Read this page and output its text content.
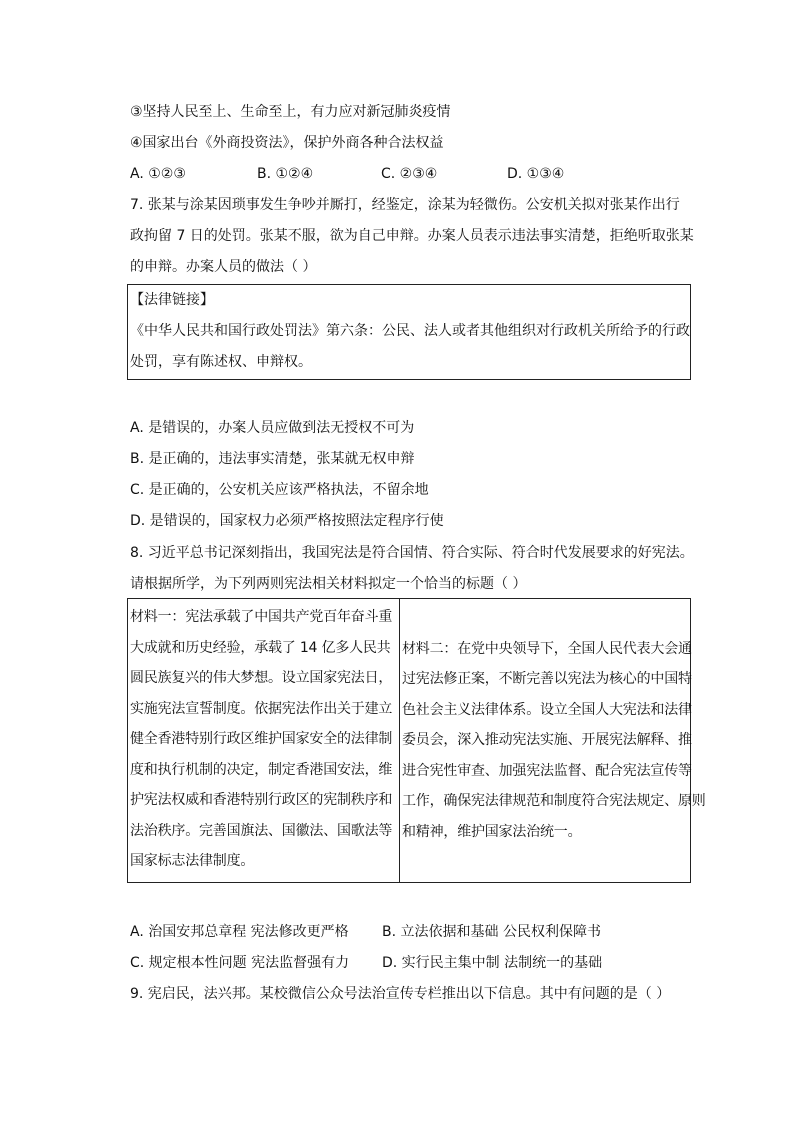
③坚持人民至上、生命至上，有力应对新冠肺炎疫情
④国家出台《外商投资法》，保护外商各种合法权益
A. ①②③	B. ①②④	C. ②③④	D. ①③④
7. 张某与涂某因琐事发生争吵并厮打，经鉴定，涂某为轻微伤。公安机关拟对张某作出行
政拘留 7 日的处罚。张某不服，欲为自己申辩。办案人员表示违法事实清楚，拒绝听取张某
的申辩。办案人员的做法（ ）
【法律链接】
《中华人民共和国行政处罚法》第六条：公民、法人或者其他组织对行政机关所给予的行政
处罚，享有陈述权、申辩权。
A. 是错误的，办案人员应做到法无授权不可为
B. 是正确的，违法事实清楚，张某就无权申辩
C. 是正确的，公安机关应该严格执法，不留余地
D. 是错误的，国家权力必须严格按照法定程序行使
8. 习近平总书记深刻指出，我国宪法是符合国情、符合实际、符合时代发展要求的好宪法。
请根据所学，为下列两则宪法相关材料拟定一个恰当的标题（ ）
材料一：宪法承载了中国共产党百年奋斗重
大成就和历史经验，承载了 14 亿多人民共
圆民族复兴的伟大梦想。设立国家宪法日，
实施宪法宣誓制度。依据宪法作出关于建立
健全香港特别行政区维护国家安全的法律制
度和执行机制的决定，制定香港国安法，维
护宪法权威和香港特别行政区的宪制秩序和
法治秩序。完善国旗法、国徽法、国歌法等
国家标志法律制度。

材料二：在党中央领导下，全国人民代表大会通
过宪法修正案，不断完善以宪法为核心的中国特
色社会主义法律体系。设立全国人大宪法和法律
委员会，深入推动宪法实施、开展宪法解释、推
进合宪性审查、加强宪法监督、配合宪法宣传等
工作，确保宪法律规范和制度符合宪法规定、原则
和精神，维护国家法治统一。
A. 治国安邦总章程 宪法修改更严格 B. 立法依据和基础 公民权利保障书
C. 规定根本性问题 宪法监督强有力 D. 实行民主集中制 法制统一的基础
9. 宪启民，法兴邦。某校微信公众号法治宣传专栏推出以下信息。其中有问题的是（ ）
